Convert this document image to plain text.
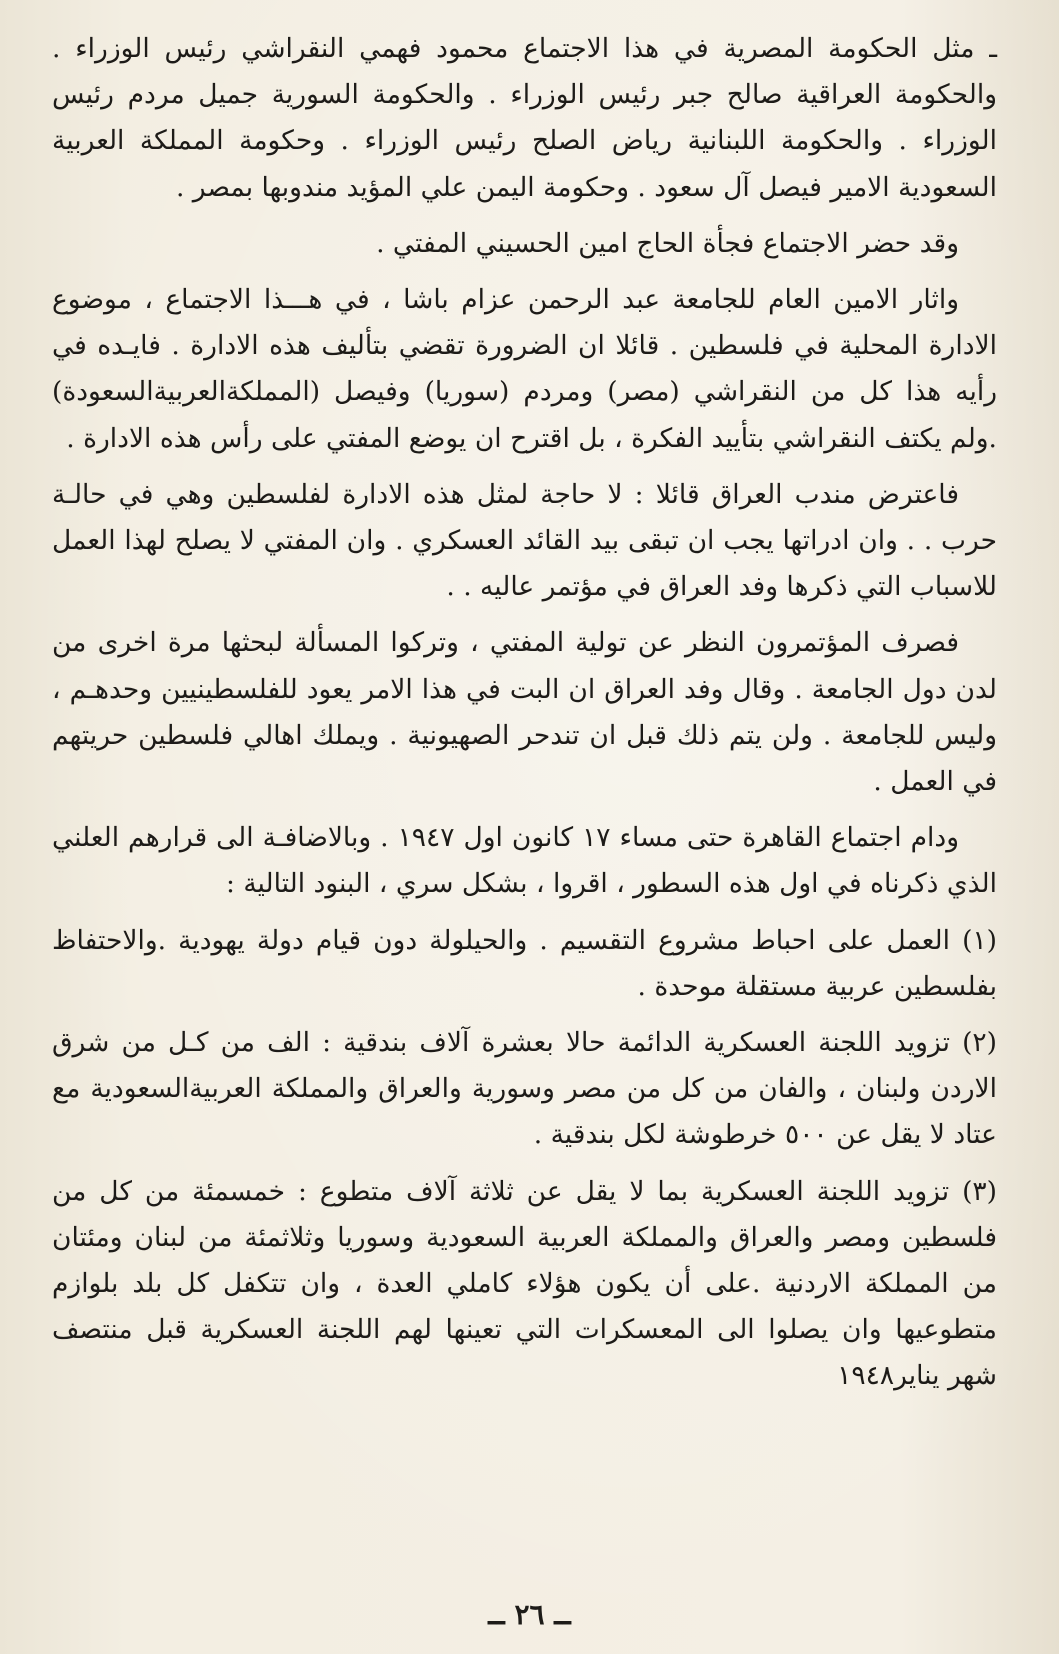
ـ مثل الحكومة المصرية في هذا الاجتماع محمود فهمي النقراشي رئيس الوزراء . والحكومة العراقية صالح جبر رئيس الوزراء . والحكومة السورية جميل مردم رئيس الوزراء . والحكومة اللبنانية رياض الصلح رئيس الوزراء . وحكومة المملكة العربية السعودية الامير فيصل آل سعود . وحكومة اليمن علي المؤيد مندوبها بمصر .

وقد حضر الاجتماع فجأة الحاج امين الحسيني المفتي .

واثار الامين العام للجامعة عبد الرحمن عزام باشا ، في هـــذا الاجتماع ، موضوع الادارة المحلية في فلسطين . قائلا ان الضرورة تقضي بتأليف هذه الادارة . فايـده في رأيه هذا كل من النقراشي (مصر) ومردم (سوريا) وفيصل (المملكةالعربيةالسعودة) .ولم يكتف النقراشي بتأييد الفكرة ، بل اقترح ان يوضع المفتي على رأس هذه الادارة .

فاعترض مندب العراق قائلا : لا حاجة لمثل هذه الادارة لفلسطين وهي في حالـة حرب . . وان ادراتها يجب ان تبقى بيد القائد العسكري . وان المفتي لا يصلح لهذا العمل للاسباب التي ذكرها وفد العراق في مؤتمر عاليه . .

فصرف المؤتمرون النظر عن تولية المفتي ، وتركوا المسألة لبحثها مرة اخرى من لدن دول الجامعة . وقال وفد العراق ان البت في هذا الامر يعود للفلسطينيين وحدهـم ، وليس للجامعة . ولن يتم ذلك قبل ان تندحر الصهيونية . ويملك اهالي فلسطين حريتهم في العمل .

ودام اجتماع القاهرة حتى مساء ١٧ كانون اول ١٩٤٧ . وبالاضافـة الى قرارهم العلني الذي ذكرناه في اول هذه السطور ، اقروا ، بشكل سري ، البنود التالية :

(١) العمل على احباط مشروع التقسيم . والحيلولة دون قيام دولة يهودية .والاحتفاظ بفلسطين عربية مستقلة موحدة .

(٢) تزويد اللجنة العسكرية الدائمة حالا بعشرة آلاف بندقية : الف من كـل من شرق الاردن ولبنان ، والفان من كل من مصر وسورية والعراق والمملكة العربيةالسعودية مع عتاد لا يقل عن ٥٠٠ خرطوشة لكل بندقية .

(٣) تزويد اللجنة العسكرية بما لا يقل عن ثلاثة آلاف متطوع : خمسمئة من كل من فلسطين ومصر والعراق والمملكة العربية السعودية وسوريا وثلاثمئة من لبنان ومئتان من المملكة الاردنية .على أن يكون هؤلاء كاملي العدة ، وان تتكفل كل بلد بلوازم متطوعيها وان يصلوا الى المعسكرات التي تعينها لهم اللجنة العسكرية قبل منتصف شهر يناير١٩٤٨

ــ ٢٦ ــ
